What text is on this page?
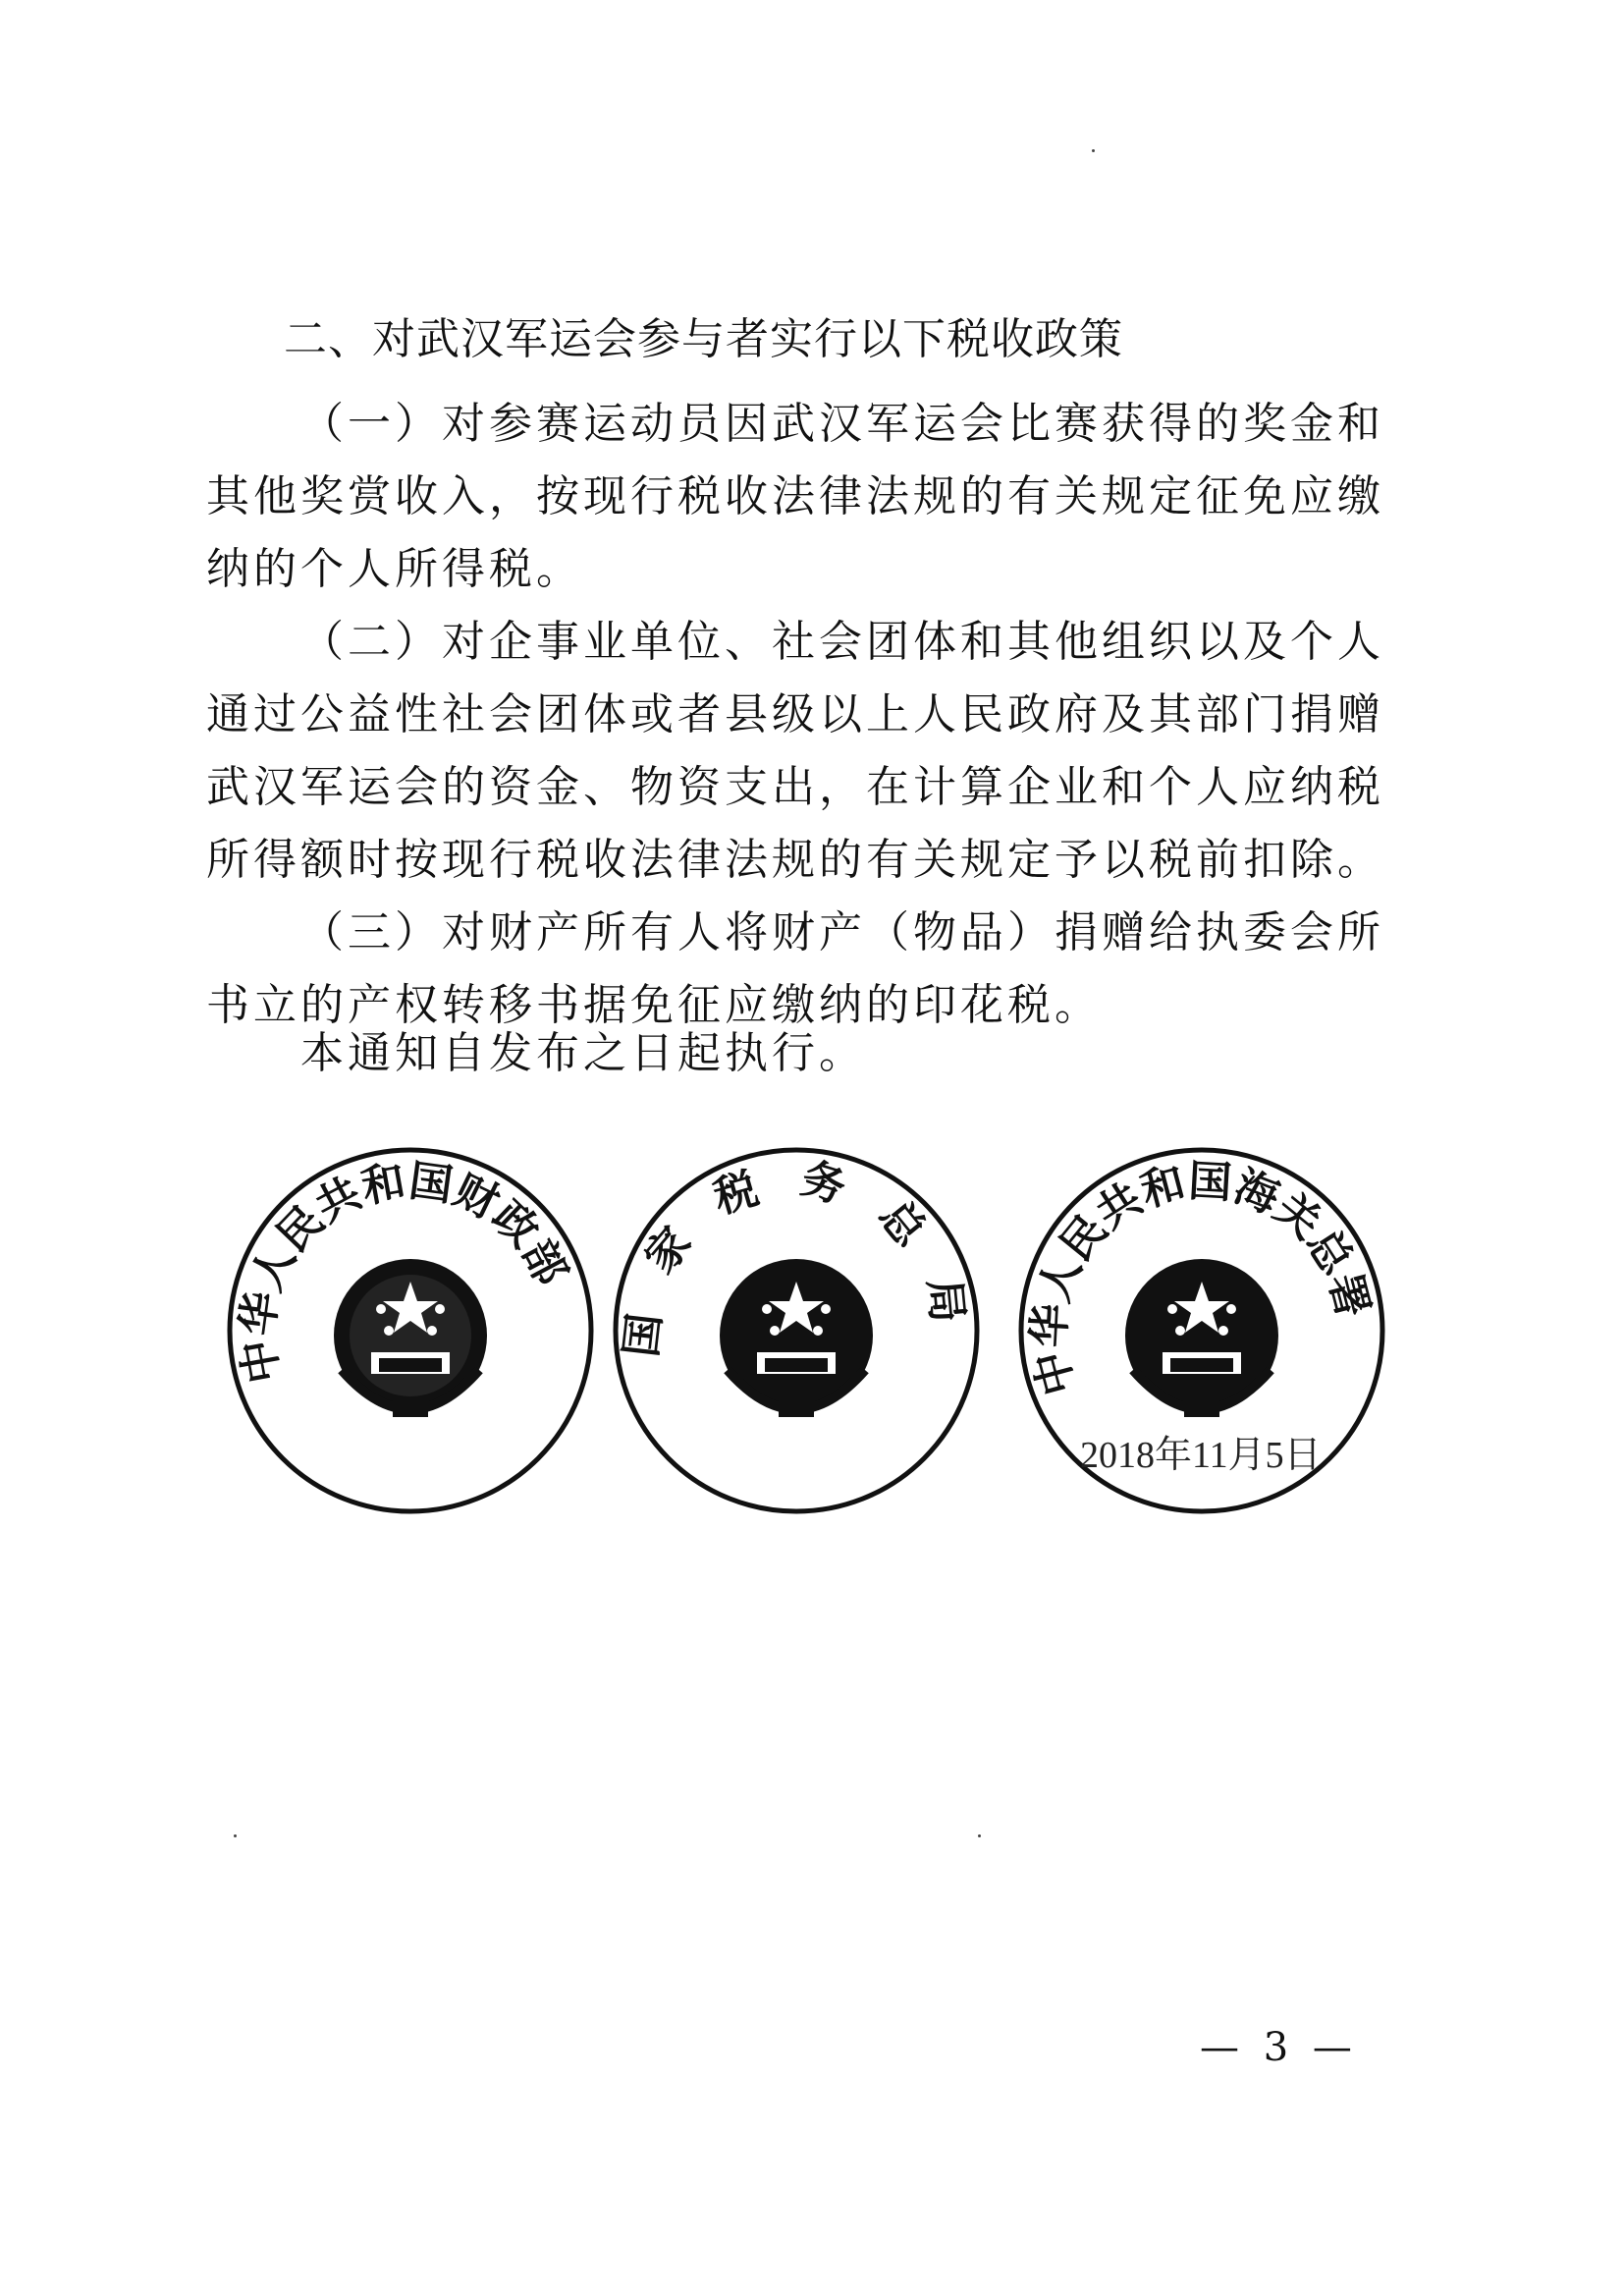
二、对武汉军运会参与者实行以下税收政策
（一）对参赛运动员因武汉军运会比赛获得的奖金和其他奖赏收入，按现行税收法律法规的有关规定征免应缴纳的个人所得税。
（二）对企事业单位、社会团体和其他组织以及个人通过公益性社会团体或者县级以上人民政府及其部门捐赠武汉军运会的资金、物资支出，在计算企业和个人应纳税所得额时按现行税收法律法规的有关规定予以税前扣除。
（三）对财产所有人将财产（物品）捐赠给执委会所书立的产权转移书据免征应缴纳的印花税。
本通知自发布之日起执行。
中华人民共和国财政部
国家税务总局
中华人民共和国海关总署
2018年11月5日
— 3 —
